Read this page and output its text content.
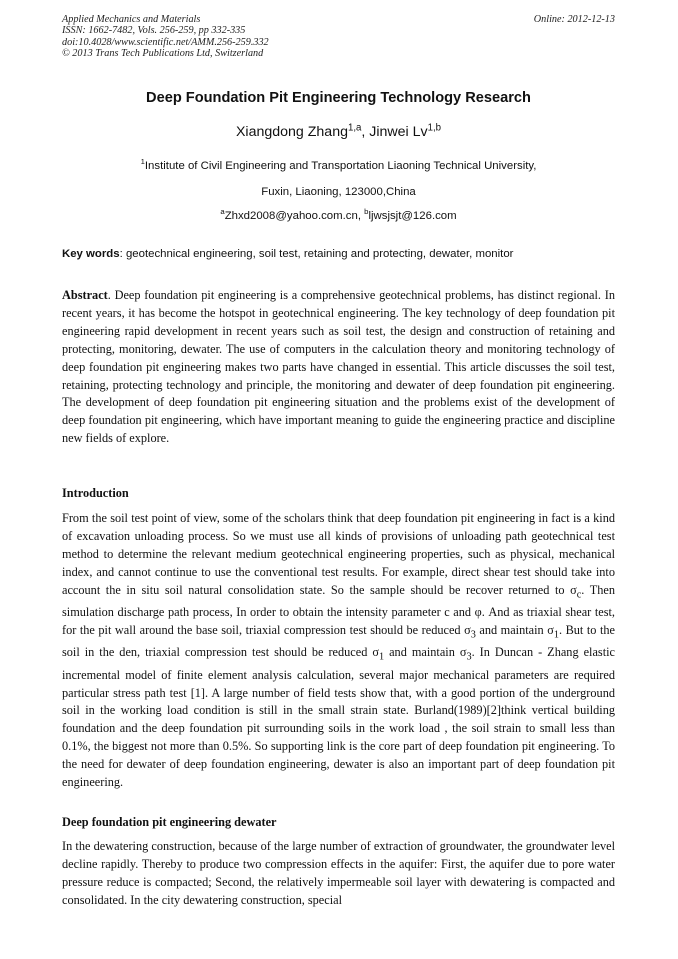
Applied Mechanics and Materials
ISSN: 1662-7482, Vols. 256-259, pp 332-335
doi:10.4028/www.scientific.net/AMM.256-259.332
© 2013 Trans Tech Publications Ltd, Switzerland
Online: 2012-12-13
Deep Foundation Pit Engineering Technology Research
Xiangdong Zhang$^{1,a}$, Jinwei Lv$^{1,b}$
$^1$Institute of Civil Engineering and Transportation Liaoning Technical University,
Fuxin, Liaoning, 123000,China
$^a$Zhxd2008@yahoo.com.cn, $^b$ljwsjsjt@126.com
Key words: geotechnical engineering, soil test, retaining and protecting, dewater, monitor

Abstract. Deep foundation pit engineering is a comprehensive geotechnical problems, has distinct regional. In recent years, it has become the hotspot in geotechnical engineering. The key technology of deep foundation pit engineering rapid development in recent years such as soil test, the design and construction of retaining and protecting, monitoring, dewater. The use of computers in the calculation theory and monitoring technology of deep foundation pit engineering makes two parts have changed in essential. This article discusses the soil test, retaining, protecting technology and principle, the monitoring and dewater of deep foundation pit engineering. The development of deep foundation pit engineering situation and the problems exist of the development of deep foundation pit engineering, which have important meaning to guide the engineering practice and discipline new fields of explore.

Introduction

From the soil test point of view, some of the scholars think that deep foundation pit engineering in fact is a kind of excavation unloading process. So we must use all kinds of provisions of unloading path geotechnical test method to determine the relevant medium geotechnical engineering properties, such as physical, mechanical index, and cannot continue to use the conventional test results. For example, direct shear test should take into account the in situ soil natural consolidation state. So the sample should be recover returned to $\sigma_c$. Then simulation discharge path process, In order to obtain the intensity parameter c and φ. And as triaxial shear test, for the pit wall around the base soil, triaxial compression test should be reduced $\sigma_3$ and maintain $\sigma_1$. But to the soil in the den, triaxial compression test should be reduced $\sigma_1$ and maintain $\sigma_3$. In Duncan - Zhang elastic incremental model of finite element analysis calculation, several major mechanical parameters are required particular stress path test [1]. A large number of field tests show that, with a good portion of the underground soil in the working load condition is still in the small strain state. Burland(1989)[2]think vertical building foundation and the deep foundation pit surrounding soils in the work load , the soil strain to small less than 0.1%, the biggest not more than 0.5%. So supporting link is the core part of deep foundation pit engineering. To the need for dewater of deep foundation engineering, dewater is also an important part of deep foundation pit engineering.

Deep foundation pit engineering dewater

In the dewatering construction, because of the large number of extraction of groundwater, the groundwater level decline rapidly. Thereby to produce two compression effects in the aquifer: First, the aquifer due to pore water pressure reduce is compacted; Second, the relatively impermeable soil layer with dewatering is compacted and consolidated. In the city dewatering construction, special
